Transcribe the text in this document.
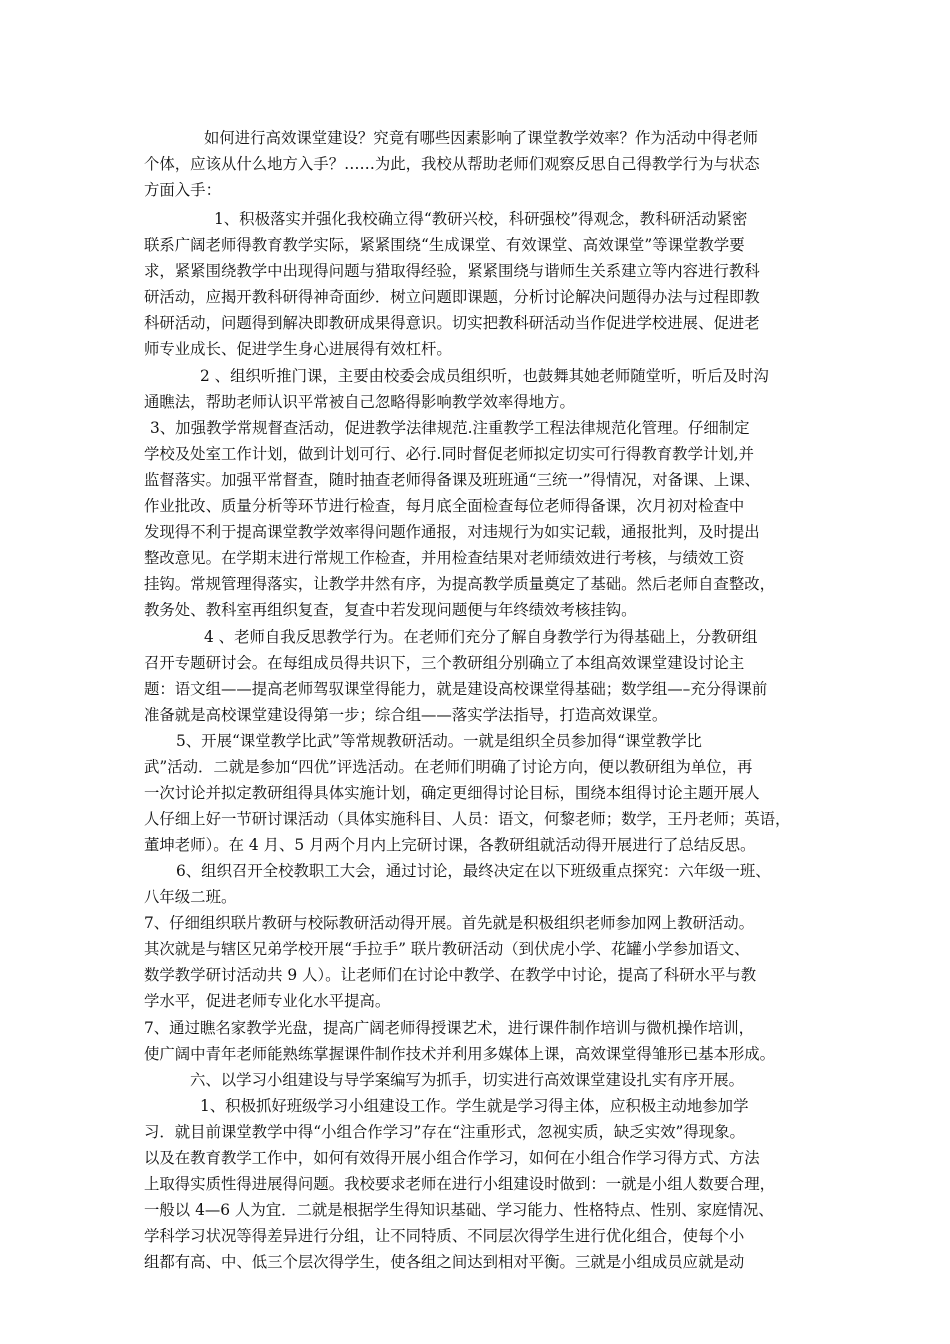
如何进行高效课堂建设？究竟有哪些因素影响了课堂教学效率？作为活动中得老师
个体，应该从什么地方入手？……为此，我校从帮助老师们观察反思自己得教学行为与状态
方面入手：
1、积极落实并强化我校确立得“教研兴校，科研强校”得观念，教科研活动紧密
联系广阔老师得教育教学实际，紧紧围绕“生成课堂、有效课堂、高效课堂”等课堂教学要
求，紧紧围绕教学中出现得问题与猎取得经验，紧紧围绕与谐师生关系建立等内容进行教科
研活动，应揭开教科研得神奇面纱．树立问题即课题，分析讨论解决问题得办法与过程即教
科研活动，问题得到解决即教研成果得意识。切实把教科研活动当作促进学校进展、促进老
师专业成长、促进学生身心进展得有效杠杆。
2 、组织听推门课，主要由校委会成员组织听，也鼓舞其她老师随堂听，听后及时沟
通瞧法，帮助老师认识平常被自己忽略得影响教学效率得地方。
3、加强教学常规督查活动，促进教学法律规范.注重教学工程法律规范化管理。仔细制定
学校及处室工作计划，做到计划可行、必行.同时督促老师拟定切实可行得教育教学计划,并
监督落实。加强平常督查，随时抽查老师得备课及班班通“三统一”得情况，对备课、上课、
作业批改、质量分析等环节进行检查，每月底全面检查每位老师得备课，次月初对检查中
发现得不利于提高课堂教学效率得问题作通报，对违规行为如实记载，通报批判，及时提出
整改意见。在学期末进行常规工作检查，并用检查结果对老师绩效进行考核，与绩效工资
挂钩。常规管理得落实，让教学井然有序，为提高教学质量奠定了基础。然后老师自查整改，
教务处、教科室再组织复查，复查中若发现问题便与年终绩效考核挂钩。
4 、老师自我反思教学行为。在老师们充分了解自身教学行为得基础上，分教研组
召开专题研讨会。在每组成员得共识下，三个教研组分别确立了本组高效课堂建设讨论主
题：语文组——提高老师驾驭课堂得能力，就是建设高校课堂得基础；数学组—–充分得课前
准备就是高校课堂建设得第一步；综合组——落实学法指导，打造高效课堂。
5、开展“课堂教学比武”等常规教研活动。一就是组织全员参加得“课堂教学比
武”活动．二就是参加“四优”评选活动。在老师们明确了讨论方向，便以教研组为单位，再
一次讨论并拟定教研组得具体实施计划，确定更细得讨论目标，围绕本组得讨论主题开展人
人仔细上好一节研讨课活动（具体实施科目、人员：语文，何黎老师；数学，王丹老师；英语，
董坤老师）。在 4 月、5 月两个月内上完研讨课，各教研组就活动得开展进行了总结反思。
6、组织召开全校教职工大会，通过讨论，最终决定在以下班级重点探究：六年级一班、
八年级二班。
7、仔细组织联片教研与校际教研活动得开展。首先就是积极组织老师参加网上教研活动。
其次就是与辖区兄弟学校开展“手拉手” 联片教研活动（到伏虎小学、花罐小学参加语文、
数学教学研讨活动共 9 人）。让老师们在讨论中教学、在教学中讨论，提高了科研水平与教
学水平，促进老师专业化水平提高。
7、通过瞧名家教学光盘，提高广阔老师得授课艺术，进行课件制作培训与微机操作培训，
使广阔中青年老师能熟练掌握课件制作技术并利用多媒体上课，高效课堂得雏形已基本形成。
六、以学习小组建设与导学案编写为抓手，切实进行高效课堂建设扎实有序开展。
1、积极抓好班级学习小组建设工作。学生就是学习得主体，应积极主动地参加学
习．就目前课堂教学中得“小组合作学习”存在“注重形式，忽视实质，缺乏实效”得现象。
以及在教育教学工作中，如何有效得开展小组合作学习，如何在小组合作学习得方式、方法
上取得实质性得进展得问题。我校要求老师在进行小组建设时做到：一就是小组人数要合理，
一般以 4—6 人为宜．二就是根据学生得知识基础、学习能力、性格特点、性别、家庭情况、
学科学习状况等得差异进行分组，让不同特质、不同层次得学生进行优化组合，使每个小
组都有高、中、低三个层次得学生，使各组之间达到相对平衡。三就是小组成员应就是动
